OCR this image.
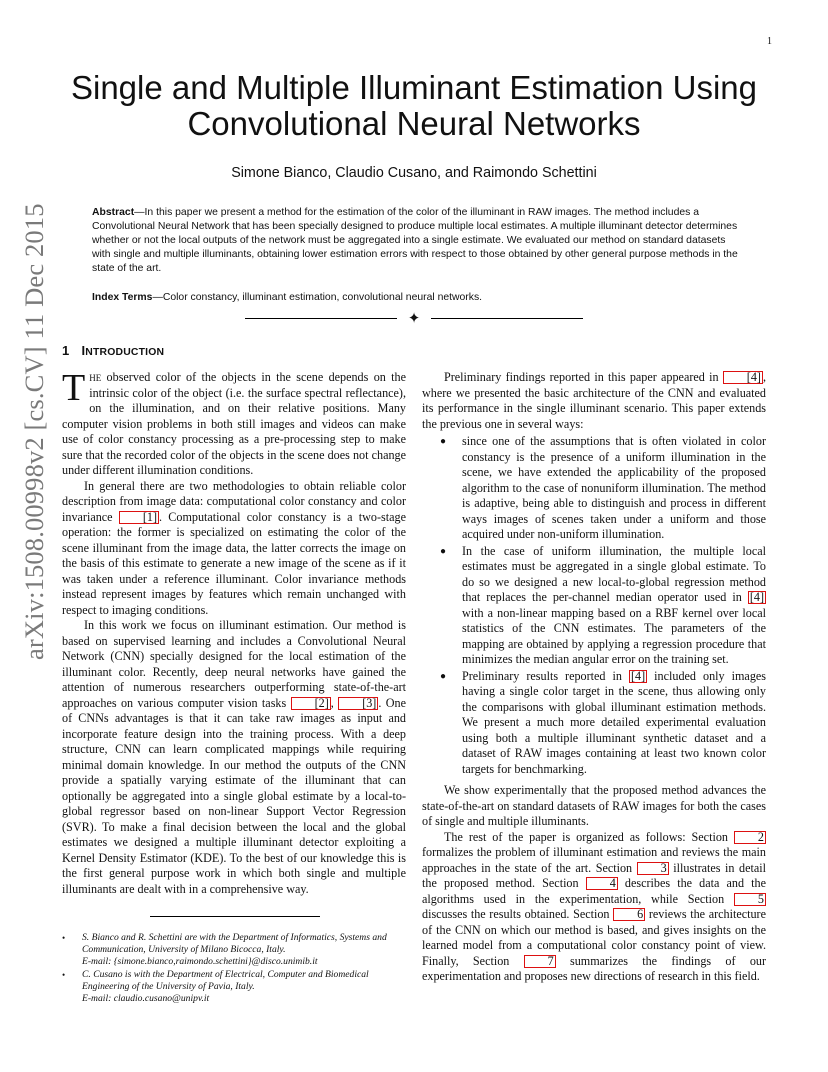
1
arXiv:1508.00998v2 [cs.CV] 11 Dec 2015
Single and Multiple Illuminant Estimation Using Convolutional Neural Networks
Simone Bianco, Claudio Cusano, and Raimondo Schettini
Abstract—In this paper we present a method for the estimation of the color of the illuminant in RAW images. The method includes a Convolutional Neural Network that has been specially designed to produce multiple local estimates. A multiple illuminant detector determines whether or not the local outputs of the network must be aggregated into a single estimate. We evaluated our method on standard datasets with single and multiple illuminants, obtaining lower estimation errors with respect to those obtained by other general purpose methods in the state of the art.
Index Terms—Color constancy, illuminant estimation, convolutional neural networks.
✦
1 INTRODUCTION

The observed color of the objects in the scene depends on the intrinsic color of the object (i.e. the surface spectral reflectance), on the illumination, and on their relative positions. Many computer vision problems in both still images and videos can make use of color constancy processing as a pre-processing step to make sure that the recorded color of the objects in the scene does not change under different illumination conditions.

In general there are two methodologies to obtain reliable color description from image data: computational color constancy and color invariance [1] . Computational color constancy is a two-stage operation: the former is specialized on estimating the color of the scene illuminant from the image data, the latter corrects the image on the basis of this estimate to generate a new image of the scene as if it was taken under a reference illuminant. Color invariance methods instead represent images by features which remain unchanged with respect to imaging conditions.

In this work we focus on illuminant estimation. Our method is based on supervised learning and includes a Convolutional Neural Network (CNN) specially designed for the local estimation of the illuminant color. Recently, deep neural networks have gained the attention of numerous researchers outperforming state-of-the-art approaches on various computer vision tasks [2] , [3] . One of CNNs advantages is that it can take raw images as input and incorporate feature design into the training process. With a deep structure, CNN can learn complicated mappings while requiring minimal domain knowledge. In our method the outputs of the CNN provide a spatially varying estimate of the illuminant that can optionally be aggregated into a single global estimate by a local-to-global regressor based on non-linear Support Vector Regression (SVR). To make a final decision between the local and the global estimates we designed a multiple illuminant detector exploiting a Kernel Density Estimator (KDE). To the best of our knowledge this is the first general purpose work in which both single and multiple illuminants are dealt with in a comprehensive way.

• S. Bianco and R. Schettini are with the Department of Informatics, Systems and Communication, University of Milano Bicocca, Italy.
E-mail: {simone.bianco,raimondo.schettini}@disco.unimib.it
• C. Cusano is with the Department of Electrical, Computer and Biomedical Engineering of the University of Pavia, Italy.
E-mail: claudio.cusano@unipv.it

Preliminary findings reported in this paper appeared in [4] , where we presented the basic architecture of the CNN and evaluated its performance in the single illuminant scenario. This paper extends the previous one in several ways:

● since one of the assumptions that is often violated in color constancy is the presence of a uniform illumination in the scene, we have extended the applicability of the proposed algorithm to the case of nonuniform illumination. The method is adaptive, being able to distinguish and process in different ways images of scenes taken under a uniform and those acquired under non-uniform illumination.
● In the case of uniform illumination, the multiple local estimates must be aggregated in a single global estimate. To do so we designed a new local-to-global regression method that replaces the per-channel median operator used in [4] with a non-linear mapping based on a RBF kernel over local statistics of the CNN estimates. The parameters of the mapping are obtained by applying a regression procedure that minimizes the median angular error on the training set.
● Preliminary results reported in [4] included only images having a single color target in the scene, thus allowing only the comparisons with global illuminant estimation methods. We present a much more detailed experimental evaluation using both a multiple illuminant synthetic dataset and a dataset of RAW images containing at least two known color targets for benchmarking.

We show experimentally that the proposed method advances the state-of-the-art on standard datasets of RAW images for both the cases of single and multiple illuminants.

The rest of the paper is organized as follows: Section 2 formalizes the problem of illuminant estimation and reviews the main approaches in the state of the art. Section 3 illustrates in detail the proposed method. Section 4 describes the data and the algorithms used in the experimentation, while Section 5 discusses the results obtained. Section 6 reviews the architecture of the CNN on which our method is based, and gives insights on the learned model from a computational color constancy point of view. Finally, Section 7 summarizes the findings of our experimentation and proposes new directions of research in this field.
